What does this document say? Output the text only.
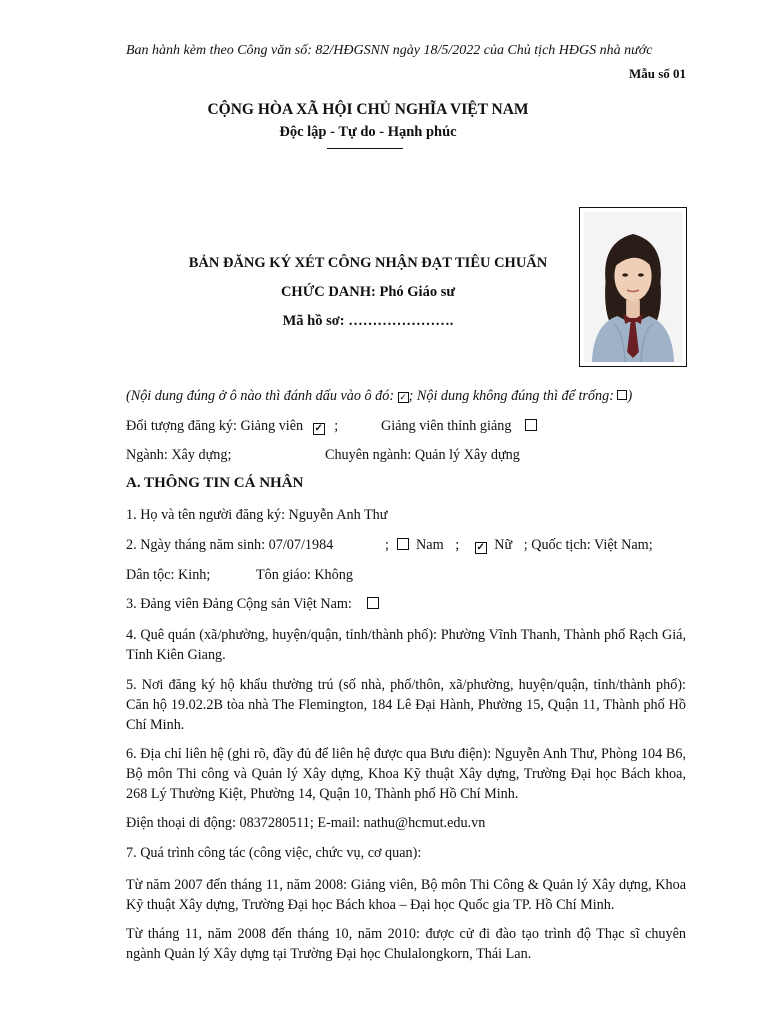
Ban hành kèm theo Công văn số: 82/HĐGSNN ngày 18/5/2022 của Chủ tịch HĐGS nhà nước
Mẫu số 01
CỘNG HÒA XÃ HỘI CHỦ NGHĨA VIỆT NAM
Độc lập - Tự do - Hạnh phúc
BẢN ĐĂNG KÝ XÉT CÔNG NHẬN ĐẠT TIÊU CHUẨN
CHỨC DANH: Phó Giáo sư
Mã hồ sơ: ………………….
(Nội dung đúng ở ô nào thì đánh dấu vào ô đó: ✓ ; Nội dung không đúng thì để trống: )
Đối tượng đăng ký: Giảng viên ✓ ;	Giảng viên thỉnh giảng
Ngành: Xây dựng;	Chuyên ngành: Quản lý Xây dựng
A. THÔNG TIN CÁ NHÂN
1. Họ và tên người đăng ký: Nguyễn Anh Thư
2. Ngày tháng năm sinh: 07/07/1984	; Nam ; ✓ Nữ ; Quốc tịch: Việt Nam;
Dân tộc: Kinh;	Tôn giáo: Không
3. Đảng viên Đảng Cộng sản Việt Nam:
4. Quê quán (xã/phường, huyện/quận, tỉnh/thành phố): Phường Vĩnh Thanh, Thành phố Rạch Giá, Tỉnh Kiên Giang.
5. Nơi đăng ký hộ khẩu thường trú (số nhà, phố/thôn, xã/phường, huyện/quận, tỉnh/thành phố): Căn hộ 19.02.2B tòa nhà The Flemington, 184 Lê Đại Hành, Phường 15, Quận 11, Thành phố Hồ Chí Minh.
6. Địa chỉ liên hệ (ghi rõ, đầy đủ để liên hệ được qua Bưu điện): Nguyễn Anh Thư, Phòng 104 B6, Bộ môn Thi công và Quản lý Xây dựng, Khoa Kỹ thuật Xây dựng, Trường Đại học Bách khoa, 268 Lý Thường Kiệt, Phường 14, Quận 10, Thành phố Hồ Chí Minh.
Điện thoại di động: 0837280511; E-mail: nathu@hcmut.edu.vn
7. Quá trình công tác (công việc, chức vụ, cơ quan):
Từ năm 2007 đến tháng 11, năm 2008: Giảng viên, Bộ môn Thi Công & Quản lý Xây dựng, Khoa Kỹ thuật Xây dựng, Trường Đại học Bách khoa – Đại học Quốc gia TP. Hồ Chí Minh.
Từ tháng 11, năm 2008 đến tháng 10, năm 2010: được cử đi đào tạo trình độ Thạc sĩ chuyên ngành Quản lý Xây dựng tại Trường Đại học Chulalongkorn, Thái Lan.
